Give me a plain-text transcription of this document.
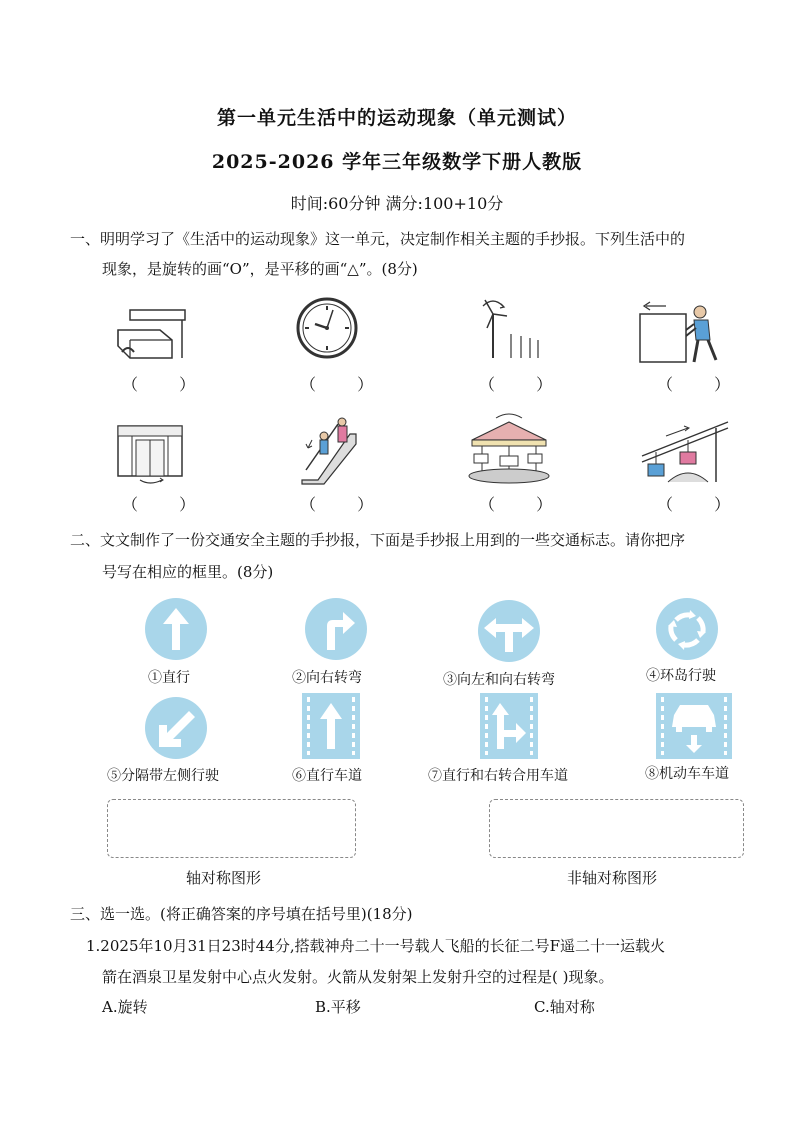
第一单元生活中的运动现象（单元测试）
2025-2026 学年三年级数学下册人教版
时间:60分钟 满分:100+10分
一、明明学习了《生活中的运动现象》这一单元，决定制作相关主题的手抄报。下列生活中的
现象，是旋转的画“O”，是平移的画“△”。(8分)
（ ）	（ ）	（ ）	（ ）
（ ）	（ ）	（ ）	（ ）
二、文文制作了一份交通安全主题的手抄报，下面是手抄报上用到的一些交通标志。请你把序
号写在相应的框里。(8分)
①直行	②向右转弯	③向左和向右转弯	④环岛行驶
⑤分隔带左侧行驶	⑥直行车道	⑦直行和右转合用车道	⑧机动车车道
轴对称图形	非轴对称图形
三、选一选。(将正确答案的序号填在括号里)(18分)
1.2025年10月31日23时44分,搭载神舟二十一号载人飞船的长征二号F遥二十一运载火
箭在酒泉卫星发射中心点火发射。火箭从发射架上发射升空的过程是( )现象。
A.旋转	B.平移	C.轴对称
